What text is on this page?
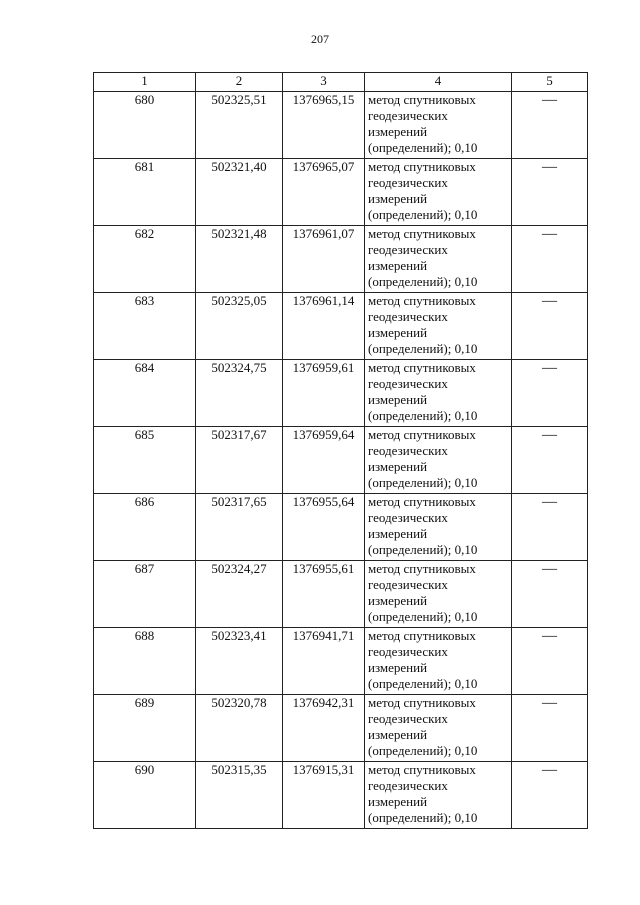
207
1	2	3	4	5
680	502325,51	1376965,15	метод спутниковых геодезических измерений (определений); 0,10	—
681	502321,40	1376965,07	метод спутниковых геодезических измерений (определений); 0,10	—
682	502321,48	1376961,07	метод спутниковых геодезических измерений (определений); 0,10	—
683	502325,05	1376961,14	метод спутниковых геодезических измерений (определений); 0,10	—
684	502324,75	1376959,61	метод спутниковых геодезических измерений (определений); 0,10	—
685	502317,67	1376959,64	метод спутниковых геодезических измерений (определений); 0,10	—
686	502317,65	1376955,64	метод спутниковых геодезических измерений (определений); 0,10	—
687	502324,27	1376955,61	метод спутниковых геодезических измерений (определений); 0,10	—
688	502323,41	1376941,71	метод спутниковых геодезических измерений (определений); 0,10	—
689	502320,78	1376942,31	метод спутниковых геодезических измерений (определений); 0,10	—
690	502315,35	1376915,31	метод спутниковых геодезических измерений (определений); 0,10	—
